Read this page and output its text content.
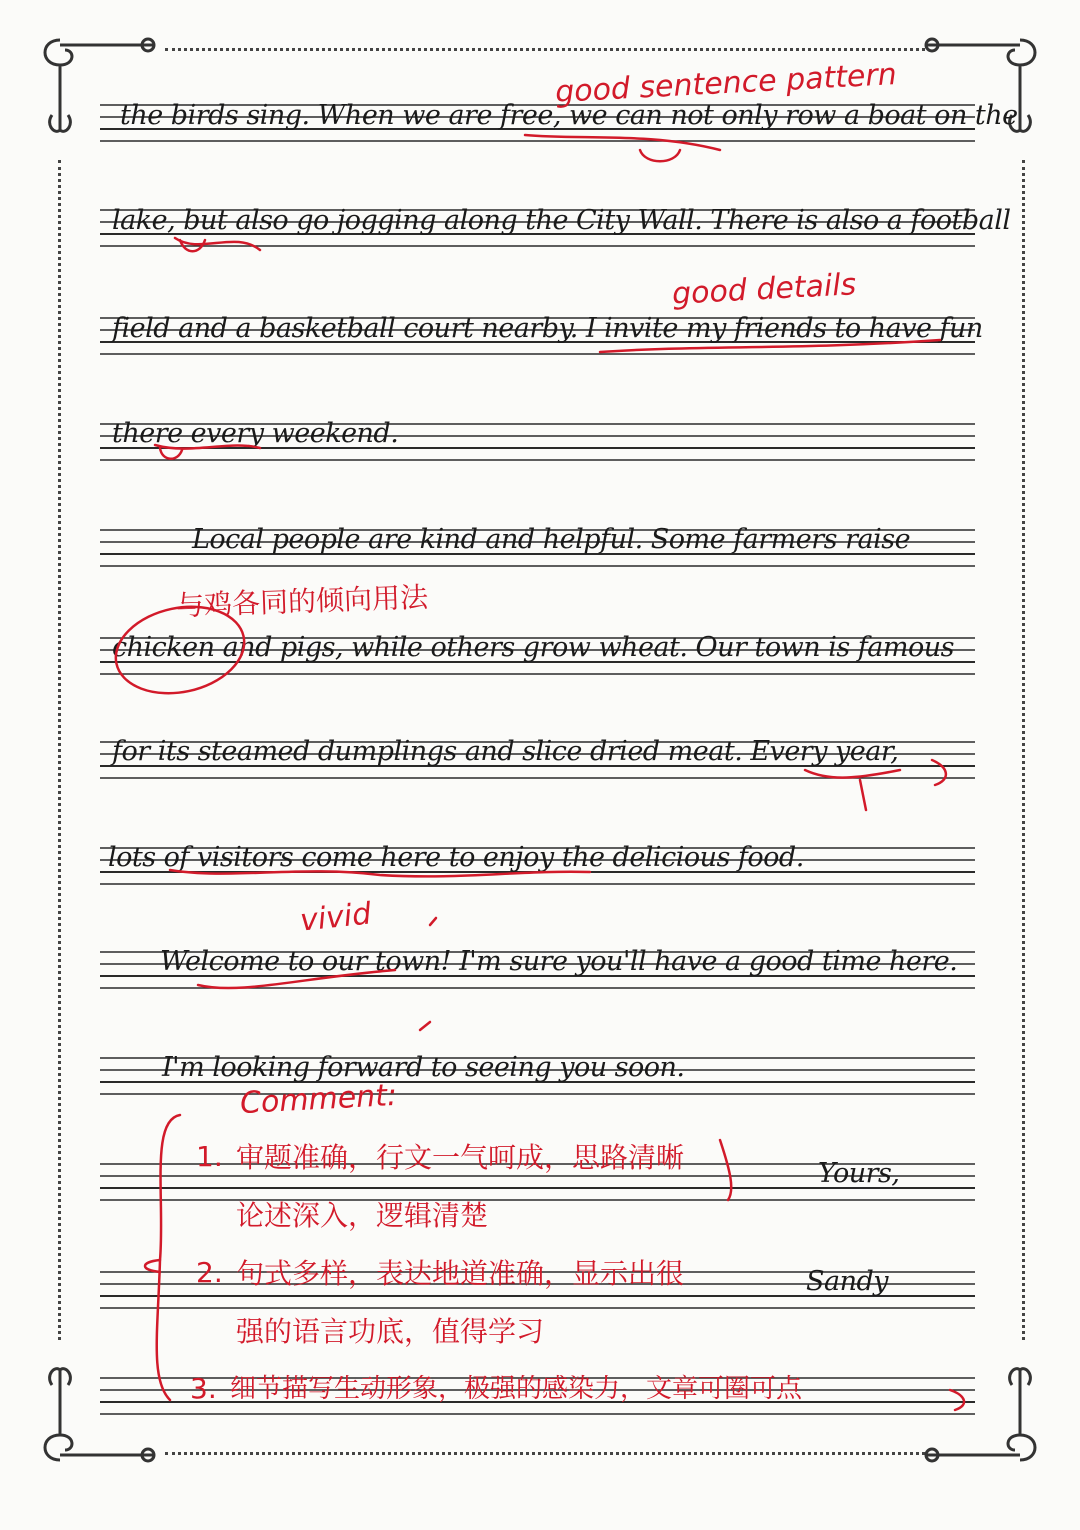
the birds sing. When we are free, we can not only row a boat on the
lake, but also go jogging along the City Wall. There is also a football
field and a basketball court nearby. I invite my friends to have fun
there every weekend.
Local people are kind and helpful. Some farmers raise
chicken and pigs, while others grow wheat. Our town is famous
for its steamed dumplings and slice dried meat. Every year,
lots of visitors come here to enjoy the delicious food.
Welcome to our town! I'm sure you'll have a good time here.
I'm looking forward to seeing you soon.
Yours,
Sandy
good sentence pattern
good details
vivid
与鸡各同的倾向用法
Comment:
1. 审题准确，行文一气呵成，思路清晰
论述深入，逻辑清楚
2. 句式多样，表达地道准确，显示出很
强的语言功底，值得学习
3. 细节描写生动形象，极强的感染力，文章可圈可点
